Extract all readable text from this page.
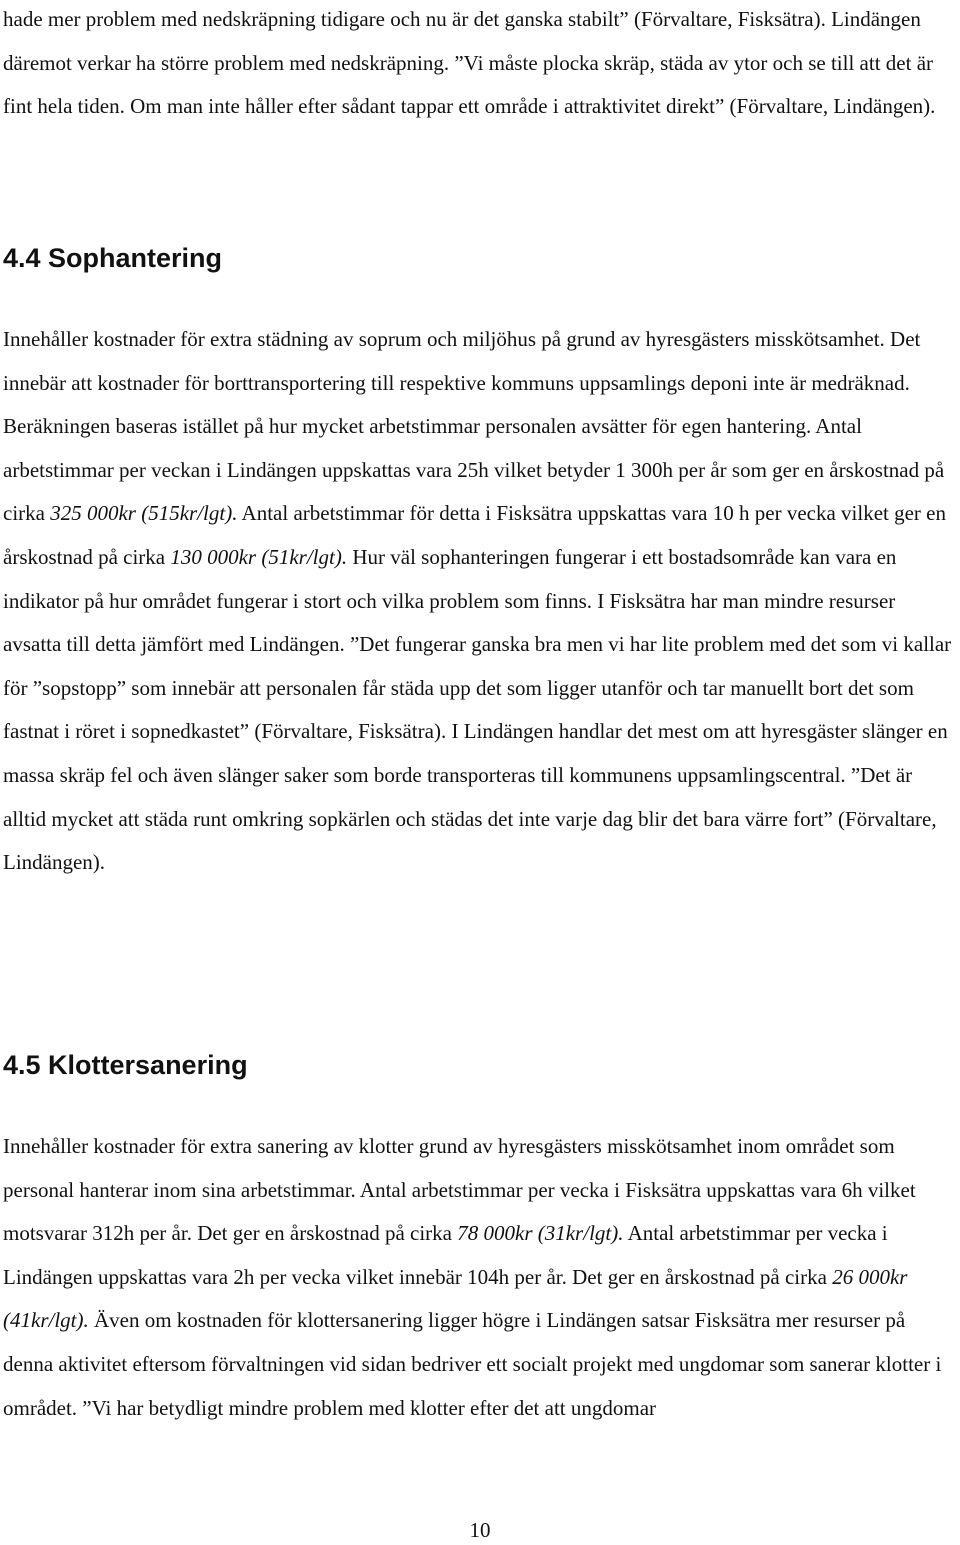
hade mer problem med nedskräpning tidigare och nu är det ganska stabilt” (Förvaltare, Fisksätra). Lindängen däremot verkar ha större problem med nedskräpning. ”Vi måste plocka skräp, städa av ytor och se till att det är fint hela tiden. Om man inte håller efter sådant tappar ett område i attraktivitet direkt” (Förvaltare, Lindängen).

4.4 Sophantering

Innehåller kostnader för extra städning av soprum och miljöhus på grund av hyresgästers misskötsamhet. Det innebär att kostnader för borttransportering till respektive kommuns uppsamlings deponi inte är medräknad. Beräkningen baseras istället på hur mycket arbetstimmar personalen avsätter för egen hantering. Antal arbetstimmar per veckan i Lindängen uppskattas vara 25h vilket betyder 1 300h per år som ger en årskostnad på cirka 325 000kr (515kr/lgt). Antal arbetstimmar för detta i Fisksätra uppskattas vara 10 h per vecka vilket ger en årskostnad på cirka 130 000kr (51kr/lgt). Hur väl sophanteringen fungerar i ett bostadsområde kan vara en indikator på hur området fungerar i stort och vilka problem som finns. I Fisksätra har man mindre resurser avsatta till detta jämfört med Lindängen. ”Det fungerar ganska bra men vi har lite problem med det som vi kallar för ”sopstopp” som innebär att personalen får städa upp det som ligger utanför och tar manuellt bort det som fastnat i röret i sopnedkastet” (Förvaltare, Fisksätra). I Lindängen handlar det mest om att hyresgäster slänger en massa skräp fel och även slänger saker som borde transporteras till kommunens uppsamlingscentral. ”Det är alltid mycket att städa runt omkring sopkärlen och städas det inte varje dag blir det bara värre fort” (Förvaltare, Lindängen).

4.5 Klottersanering

Innehåller kostnader för extra sanering av klotter grund av hyresgästers misskötsamhet inom området som personal hanterar inom sina arbetstimmar. Antal arbetstimmar per vecka i Fisksätra uppskattas vara 6h vilket motsvarar 312h per år. Det ger en årskostnad på cirka 78 000kr (31kr/lgt). Antal arbetstimmar per vecka i Lindängen uppskattas vara 2h per vecka vilket innebär 104h per år. Det ger en årskostnad på cirka 26 000kr (41kr/lgt). Även om kostnaden för klottersanering ligger högre i Lindängen satsar Fisksätra mer resurser på denna aktivitet eftersom förvaltningen vid sidan bedriver ett socialt projekt med ungdomar som sanerar klotter i området. ”Vi har betydligt mindre problem med klotter efter det att ungdomar

10
